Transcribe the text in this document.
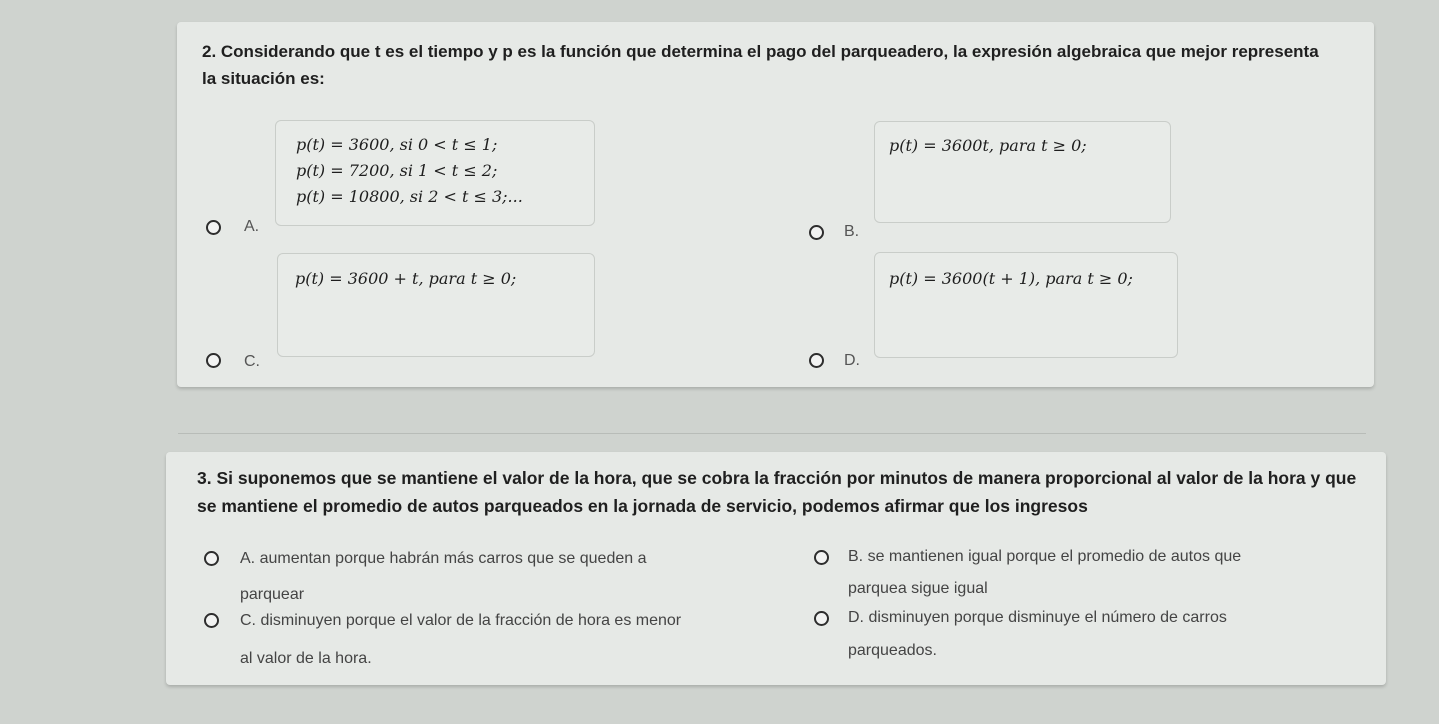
2. Considerando que t es el tiempo y p es la función que determina el pago del parqueadero, la expresión algebraica que mejor representa la situación es:
p(t) = 3600, si 0 < t ≤ 1;
p(t) = 7200, si 1 < t ≤ 2;
p(t) = 10800, si 2 < t ≤ 3;...
A.
p(t) = 3600t, para t ≥ 0;
B.
p(t) = 3600 + t, para t ≥ 0;
C.
p(t) = 3600(t + 1), para t ≥ 0;
D.
3. Si suponemos que se mantiene el valor de la hora, que se cobra la fracción por minutos de manera proporcional al valor de la hora y que se mantiene el promedio de autos parqueados en la jornada de servicio, podemos afirmar que los ingresos
A. aumentan porque habrán más carros que se queden a
parquear
B. se mantienen igual porque el promedio de autos que
parquea sigue igual
C. disminuyen porque el valor de la fracción de hora es menor
al valor de la hora.
D. disminuyen porque disminuye el número de carros
parqueados.
